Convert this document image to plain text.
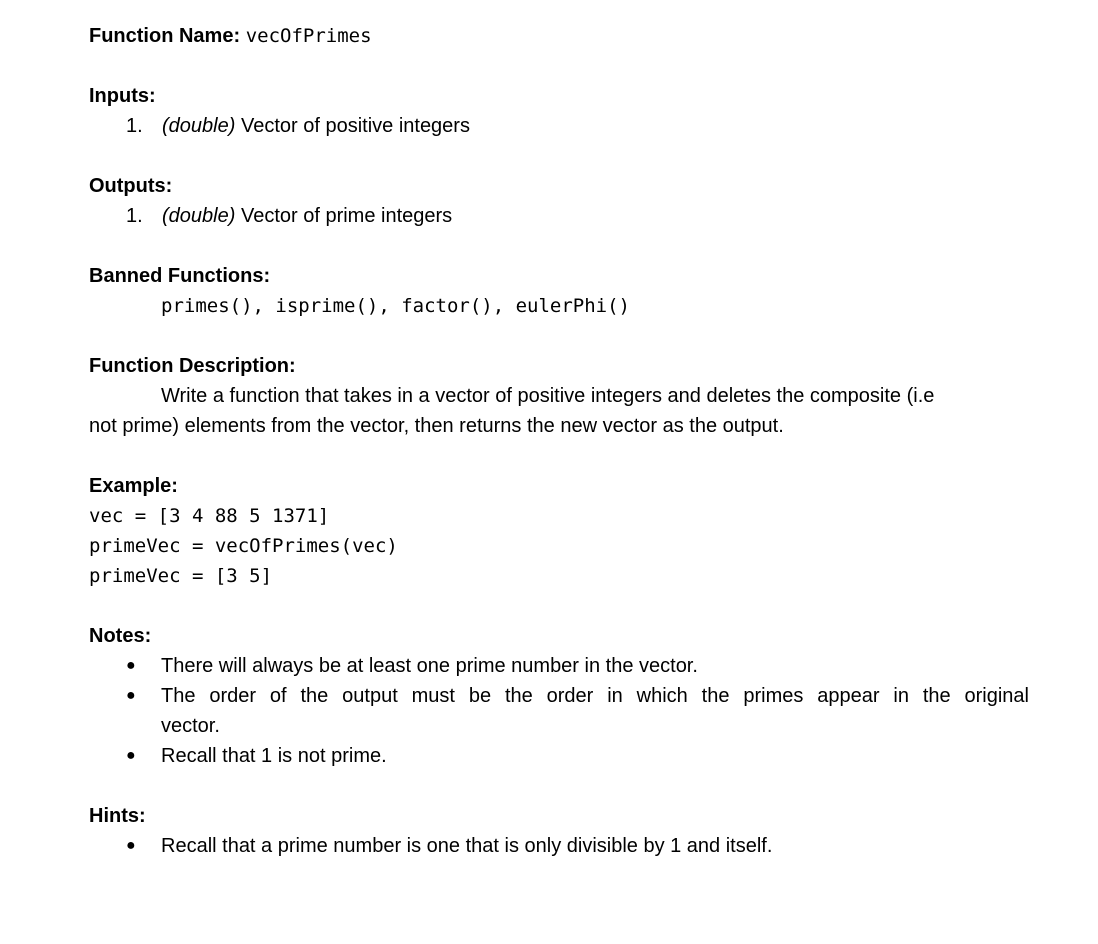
Function Name: vecOfPrimes
Inputs:
1. (double) Vector of positive integers
Outputs:
1. (double) Vector of prime integers
Banned Functions:
primes(), isprime(), factor(), eulerPhi()
Function Description:
Write a function that takes in a vector of positive integers and deletes the composite (i.e
not prime) elements from the vector, then returns the new vector as the output.
Example:
vec = [3 4 88 5 1371]
primeVec = vecOfPrimes(vec)
primeVec = [3 5]
Notes:
● There will always be at least one prime number in the vector.
● The order of the output must be the order in which the primes appear in the original
vector.
● Recall that 1 is not prime.
Hints:
● Recall that a prime number is one that is only divisible by 1 and itself.
